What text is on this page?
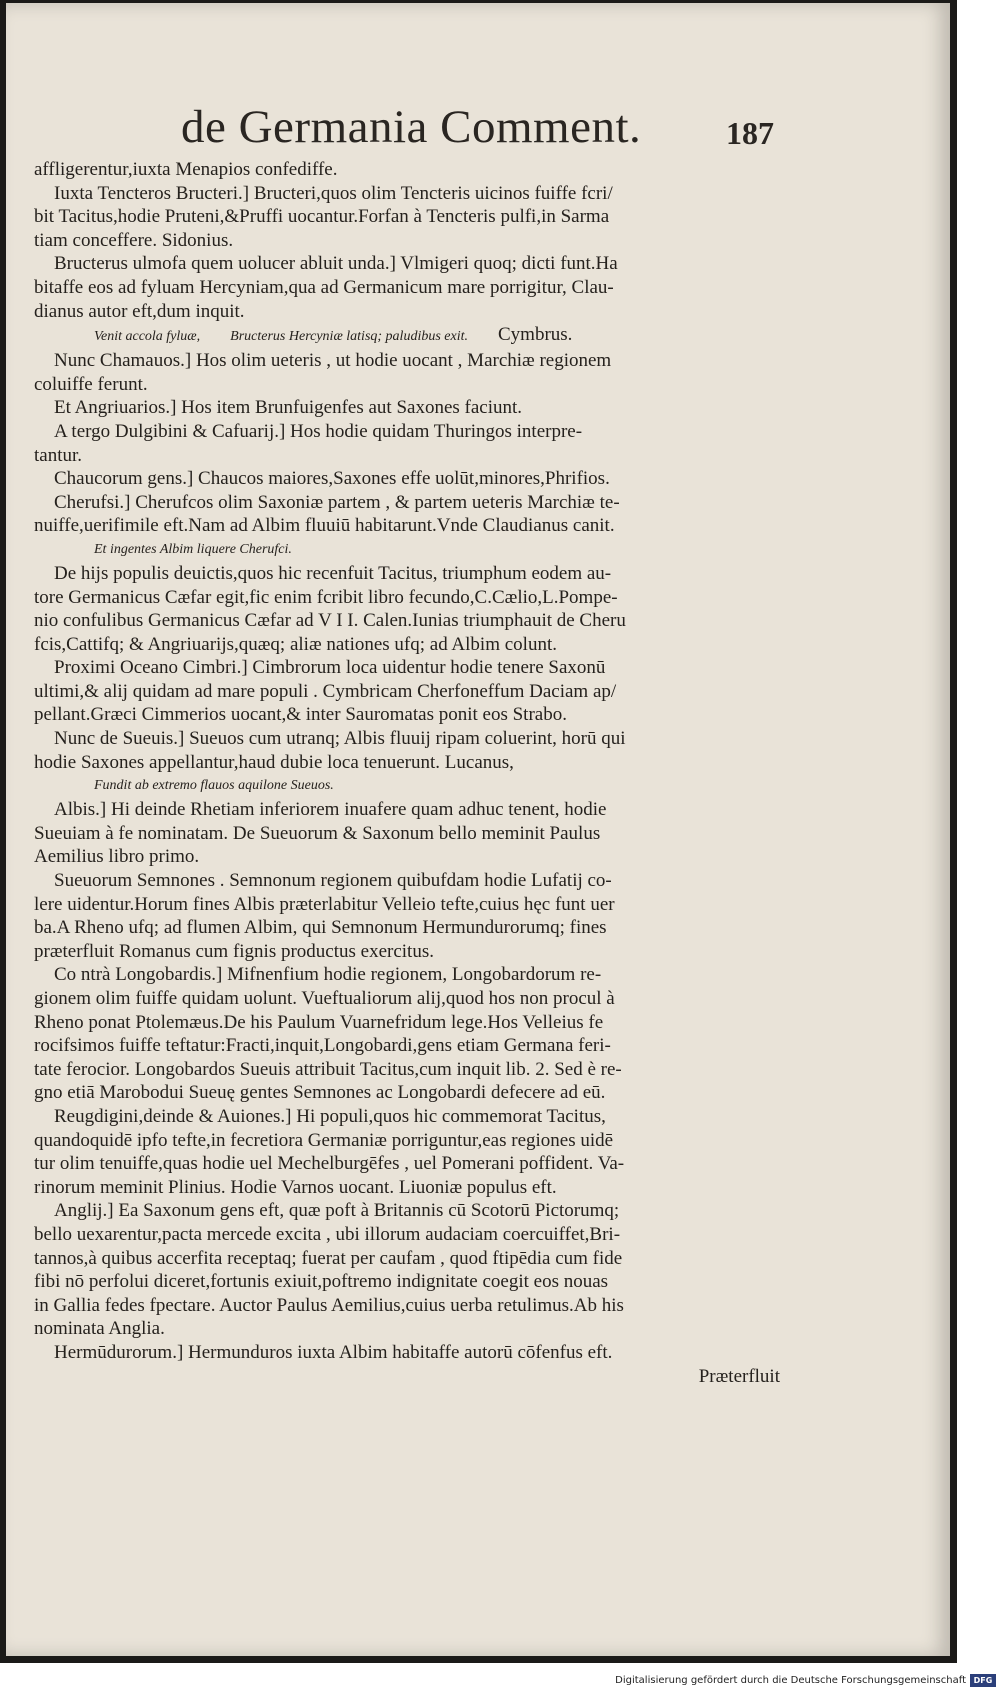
de Germania Comment.	187
affligerentur,iuxta Menapios confediffe.
Iuxta Tencteros Bructeri.] Bructeri,quos olim Tencteris uicinos fuiffe fcri/
bit Tacitus,hodie Pruteni,&Pruffi uocantur.Forfan à Tencteris pulfi,in Sarma
tiam conceffere. Sidonius.
Bructerus ulmofa quem uolucer abluit unda.] Vlmigeri quoq; dicti funt.Ha
bitaffe eos ad fyluam Hercyniam,qua ad Germanicum mare porrigitur, Clau-
dianus autor eft,dum inquit.
Venit accola fyluæ, Bructerus Hercyniæ latisq; paludibus exit. Cymbrus.
Nunc Chamauos.] Hos olim ueteris , ut hodie uocant , Marchiæ regionem
coluiffe ferunt.
Et Angriuarios.] Hos item Brunfuigenfes aut Saxones faciunt.
A tergo Dulgibini & Cafuarij.] Hos hodie quidam Thuringos interpre-
tantur.
Chaucorum gens.] Chaucos maiores,Saxones effe uolūt,minores,Phrifios.
Cherufsi.] Cherufcos olim Saxoniæ partem , & partem ueteris Marchiæ te-
nuiffe,uerifimile eft.Nam ad Albim fluuiū habitarunt.Vnde Claudianus canit.
Et ingentes Albim liquere Cherufci.
De hijs populis deuictis,quos hic recenfuit Tacitus, triumphum eodem au-
tore Germanicus Cæfar egit,fic enim fcribit libro fecundo,C.Cælio,L.Pompe-
nio confulibus Germanicus Cæfar ad V I I. Calen.Iunias triumphauit de Cheru
fcis,Cattifq; & Angriuarijs,quæq; aliæ nationes ufq; ad Albim colunt.
Proximi Oceano Cimbri.] Cimbrorum loca uidentur hodie tenere Saxonū
ultimi,& alij quidam ad mare populi . Cymbricam Cherfoneffum Daciam ap/
pellant.Græci Cimmerios uocant,& inter Sauromatas ponit eos Strabo.
Nunc de Sueuis.] Sueuos cum utranq; Albis fluuij ripam coluerint, horū qui
hodie Saxones appellantur,haud dubie loca tenuerunt. Lucanus,
Fundit ab extremo flauos aquilone Sueuos.
Albis.] Hi deinde Rhetiam inferiorem inuafere quam adhuc tenent, hodie
Sueuiam à fe nominatam. De Sueuorum & Saxonum bello meminit Paulus
Aemilius libro primo.
Sueuorum Semnones . Semnonum regionem quibufdam hodie Lufatij co-
lere uidentur.Horum fines Albis præterlabitur Velleio tefte,cuius hęc funt uer
ba.A Rheno ufq; ad flumen Albim, qui Semnonum Hermundurorumq; fines
præterfluit Romanus cum fignis productus exercitus.
Co ntrà Longobardis.] Mifnenfium hodie regionem, Longobardorum re-
gionem olim fuiffe quidam uolunt. Vueftualiorum alij,quod hos non procul à
Rheno ponat Ptolemæus.De his Paulum Vuarnefridum lege.Hos Velleius fe
rocifsimos fuiffe teftatur:Fracti,inquit,Longobardi,gens etiam Germana feri-
tate ferocior. Longobardos Sueuis attribuit Tacitus,cum inquit lib. 2. Sed è re-
gno etiā Marobodui Sueuę gentes Semnones ac Longobardi defecere ad eū.
Reugdigini,deinde & Auiones.] Hi populi,quos hic commemorat Tacitus,
quandoquidē ipfo tefte,in fecretiora Germaniæ porriguntur,eas regiones uidē
tur olim tenuiffe,quas hodie uel Mechelburgēfes , uel Pomerani poffident. Va-
rinorum meminit Plinius. Hodie Varnos uocant. Liuoniæ populus eft.
Anglij.] Ea Saxonum gens eft, quæ poft à Britannis cū Scotorū Pictorumq;
bello uexarentur,pacta mercede excita , ubi illorum audaciam coercuiffet,Bri-
tannos,à quibus accerfita receptaq; fuerat per caufam , quod ftipēdia cum fide
fibi nō perfolui diceret,fortunis exiuit,poftremo indignitate coegit eos nouas
in Gallia fedes fpectare. Auctor Paulus Aemilius,cuius uerba retulimus.Ab his
nominata Anglia.
Hermūdurorum.] Hermunduros iuxta Albim habitaffe autorū cōfenfus eft.
Præterfluit
Digitalisierung gefördert durch die Deutsche Forschungsgemeinschaft DFG
